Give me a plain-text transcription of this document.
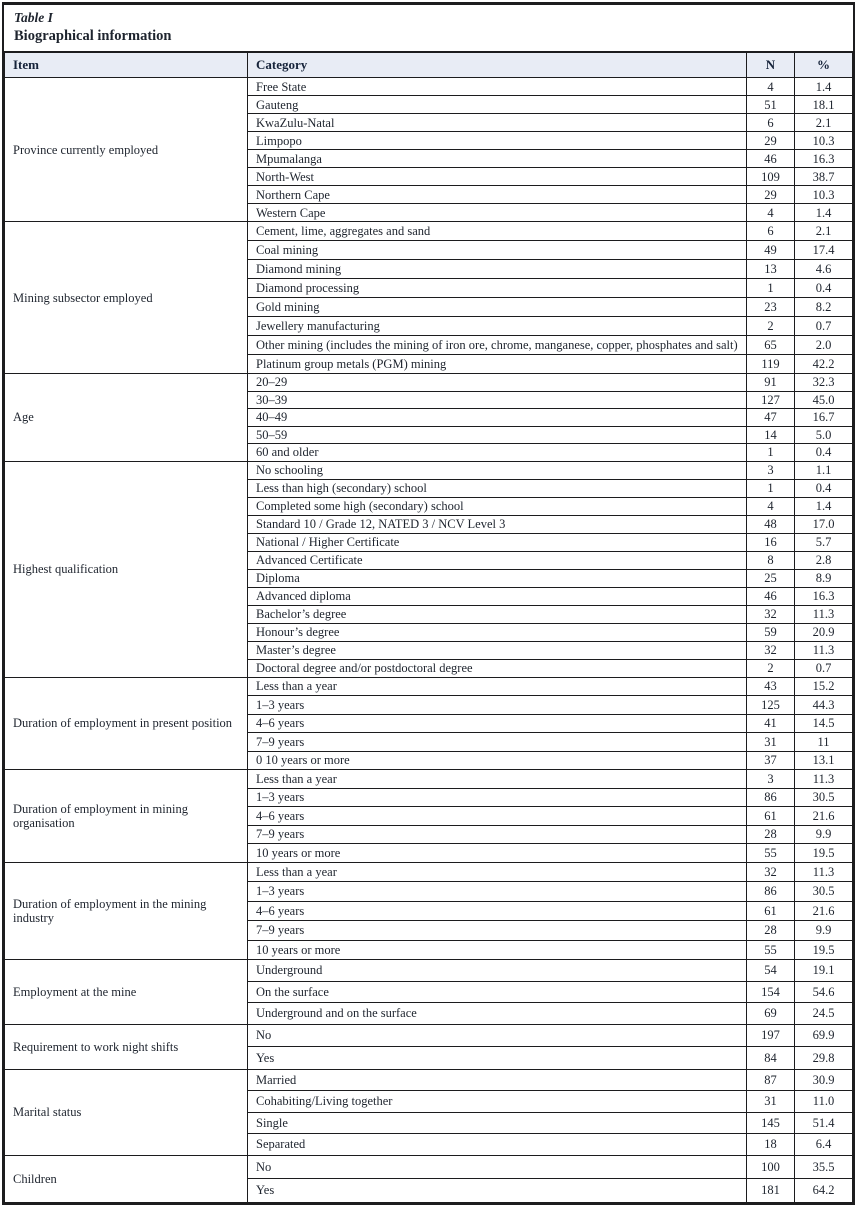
Table I
Biographical information
Item	Category	N	%
Province currently employed	Free State	4	1.4
	Gauteng	51	18.1
	KwaZulu-Natal	6	2.1
	Limpopo	29	10.3
	Mpumalanga	46	16.3
	North-West	109	38.7
	Northern Cape	29	10.3
	Western Cape	4	1.4
Mining subsector employed	Cement, lime, aggregates and sand	6	2.1
	Coal mining	49	17.4
	Diamond mining	13	4.6
	Diamond processing	1	0.4
	Gold mining	23	8.2
	Jewellery manufacturing	2	0.7
	Other mining (includes the mining of iron ore, chrome, manganese, copper, phosphates and salt)	65	2.0
	Platinum group metals (PGM) mining	119	42.2
Age	20–29	91	32.3
	30–39	127	45.0
	40–49	47	16.7
	50–59	14	5.0
	60 and older	1	0.4
Highest qualification	No schooling	3	1.1
	Less than high (secondary) school	1	0.4
	Completed some high (secondary) school	4	1.4
	Standard 10 / Grade 12, NATED 3 / NCV Level 3	48	17.0
	National / Higher Certificate	16	5.7
	Advanced Certificate	8	2.8
	Diploma	25	8.9
	Advanced diploma	46	16.3
	Bachelor’s degree	32	11.3
	Honour’s degree	59	20.9
	Master’s degree	32	11.3
	Doctoral degree and/or postdoctoral degree	2	0.7
Duration of employment in present position	Less than a year	43	15.2
	1–3 years	125	44.3
	4–6 years	41	14.5
	7–9 years	31	11
	0 10 years or more	37	13.1
Duration of employment in mining organisation	Less than a year	3	11.3
	1–3 years	86	30.5
	4–6 years	61	21.6
	7–9 years	28	9.9
	10 years or more	55	19.5
Duration of employment in the mining industry	Less than a year	32	11.3
	1–3 years	86	30.5
	4–6 years	61	21.6
	7–9 years	28	9.9
	10 years or more	55	19.5
Employment at the mine	Underground	54	19.1
	On the surface	154	54.6
	Underground and on the surface	69	24.5
Requirement to work night shifts	No	197	69.9
	Yes	84	29.8
Marital status	Married	87	30.9
	Cohabiting/Living together	31	11.0
	Single	145	51.4
	Separated	18	6.4
Children	No	100	35.5
	Yes	181	64.2
